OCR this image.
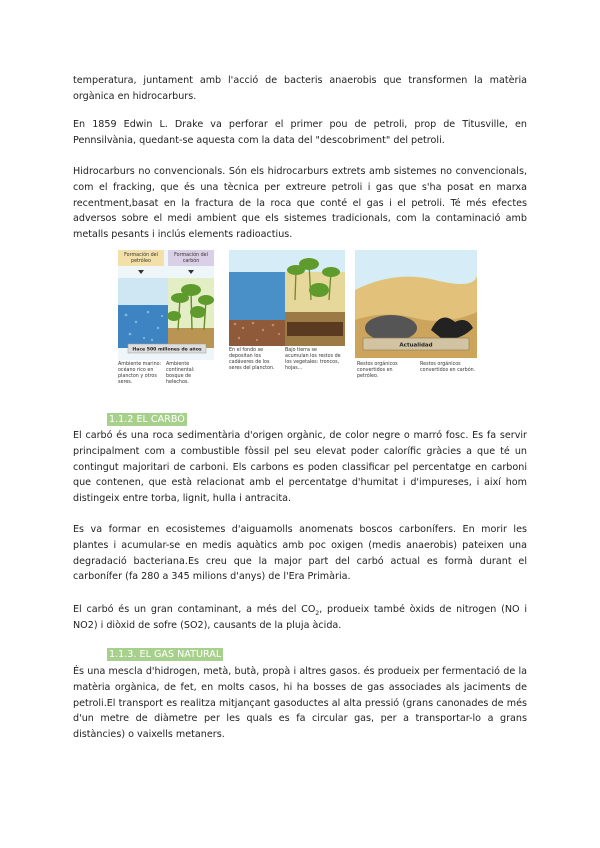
temperatura, juntament amb l'acció de bacteris anaerobis que transformen la matèria orgànica en hidrocarburs.

En 1859 Edwin L. Drake va perforar el primer pou de petroli, prop de Titusville, en Pennsilvània, quedant-se aquesta com la data del "descobriment" del petroli.

Hidrocarburs no convencionals. Són els hidrocarburs extrets amb sistemes no convencionals, com el fracking, que és una tècnica per extreure petroli i gas que s'ha posat en marxa recentment,basat en la fractura de la roca que conté el gas i el petroli. Té més efectes adversos sobre el medi ambient que els sistemes tradicionals, com la contaminació amb metalls pesants i inclús elements radioactius.

Hace 500 millones de años
Formación del petróleo
Formación del carbón
Ambiente marino: océano rico en plancton y otros seres.
Ambiente continental: bosque de helechos.
En el fondo se depositan los cadáveres de los seres del plancton.
Bajo tierra se acumulan los restos de los vegetales: troncos, hojas...
Actualidad
Restos orgánicos convertidos en petróleo.
Restos orgánicos convertidos en carbón.
1.1.2 EL CARBÓ

El carbó és una roca sedimentària d'origen orgànic, de color negre o marró fosc. Es fa servir principalment com a combustible fòssil pel seu elevat poder calorífic gràcies a que té un contingut majoritari de carboni. Els carbons es poden classificar pel percentatge en carboni que contenen, que està relacionat amb el percentatge d'humitat i d'impureses, i així hom distingeix entre torba, lignit, hulla i antracita.

Es va formar en ecosistemes d'aiguamolls anomenats boscos carbonífers. En morir les plantes i acumular-se en medis aquàtics amb poc oxigen (medis anaerobis) pateixen una degradació bacteriana.Es creu que la major part del carbó actual es formà durant el carbonífer (fa 280 a 345 milions d'anys) de l'Era Primària.

El carbó és un gran contaminant, a més del $CO_2$, produeix també òxids de nitrogen (NO i NO2) i diòxid de sofre (SO2), causants de la pluja àcida.

1.1.3. EL GAS NATURAL

És una mescla d'hidrogen, metà, butà, propà i altres gasos. és produeix per fermentació de la matèria orgànica, de fet, en molts casos, hi ha bosses de gas associades als jaciments de petroli.El transport es realitza mitjançant gasoductes al alta pressió (grans canonades de més d'un metre de diàmetre per les quals es fa circular gas, per a transportar-lo a grans distàncies) o vaixells metaners.
